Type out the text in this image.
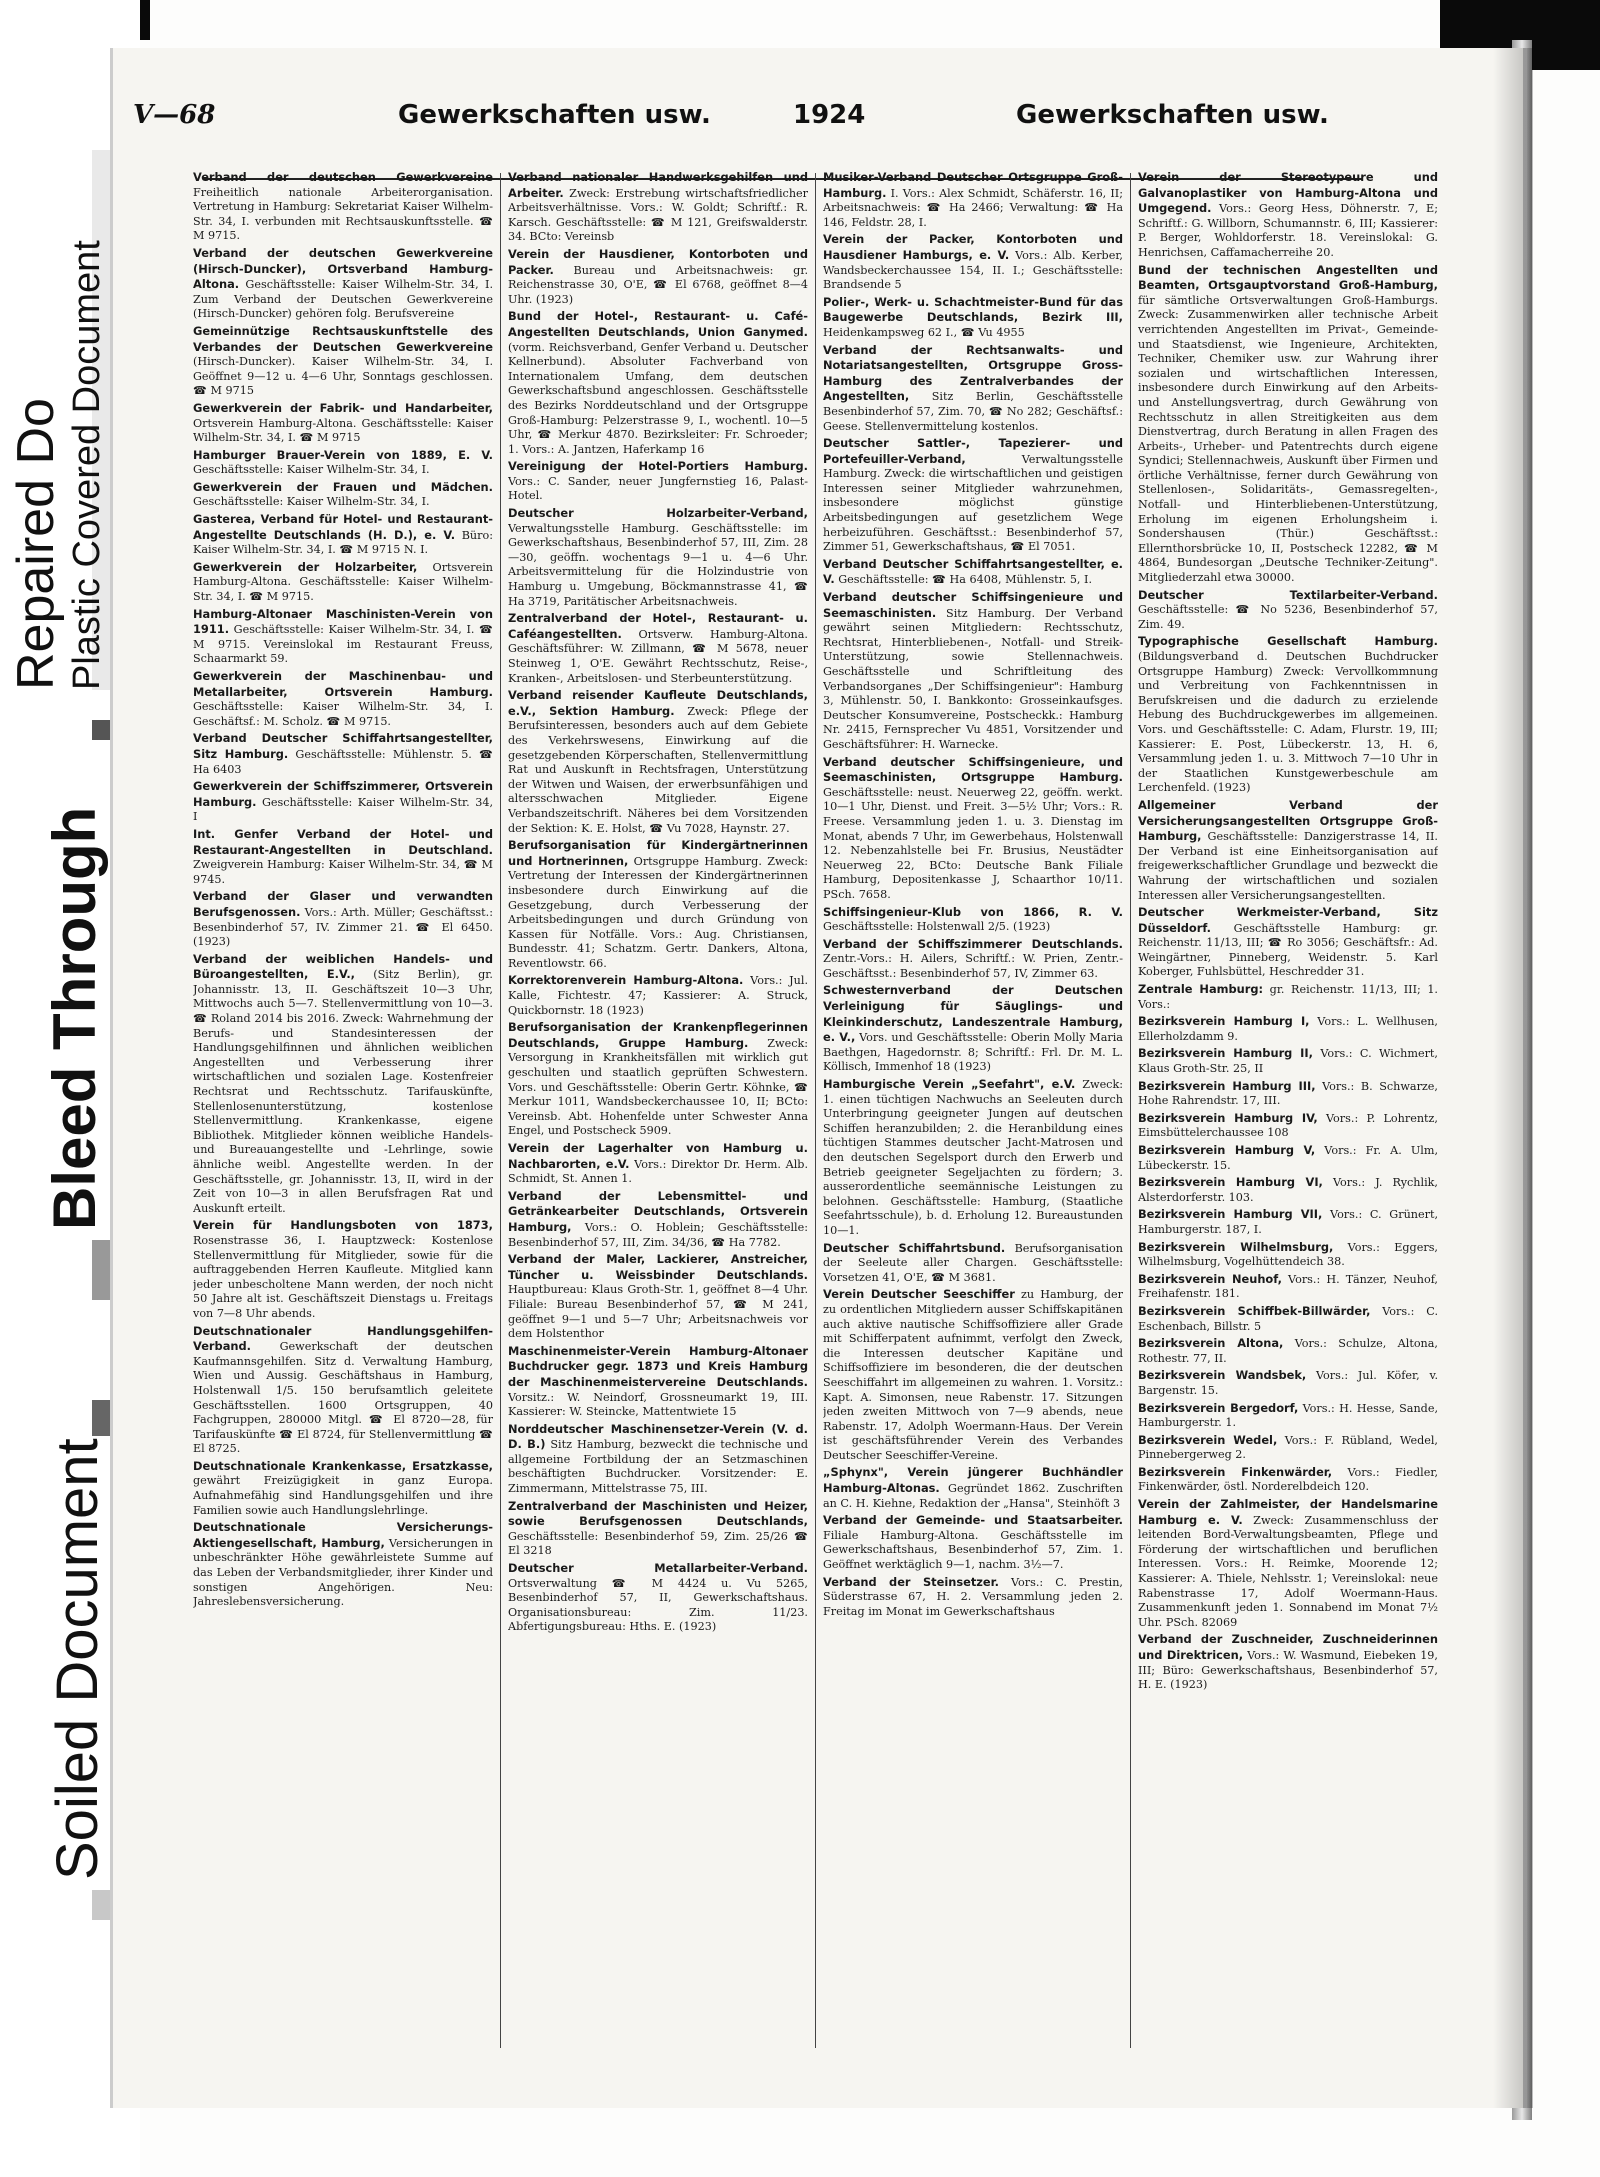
Repaired Do Plastic Covered Document
Bleed Through
Soiled Document
V—68	Gewerkschaften usw.	1924	Gewerkschaften usw.

Verband der deutschen Gewerkvereine Freiheitlich nationale Arbeiterorganisation. Vertretung in Hamburg: Sekretariat Kaiser Wilhelm-Str. 34, I. verbunden mit Rechtsauskunftsstelle. ☎ M 9715.

Verband der deutschen Gewerkvereine (Hirsch-Duncker), Ortsverband Hamburg-Altona. Geschäftsstelle: Kaiser Wilhelm-Str. 34, I. Zum Verband der Deutschen Gewerkvereine (Hirsch-Duncker) gehören folg. Berufsvereine

Gemeinnützige Rechtsauskunftstelle des Verbandes der Deutschen Gewerkvereine (Hirsch-Duncker). Kaiser Wilhelm-Str. 34, I. Geöffnet 9—12 u. 4—6 Uhr, Sonntags geschlossen. ☎ M 9715

Gewerkverein der Fabrik- und Handarbeiter, Ortsverein Hamburg-Altona. Geschäftsstelle: Kaiser Wilhelm-Str. 34, I. ☎ M 9715

Hamburger Brauer-Verein von 1889, E. V. Geschäftsstelle: Kaiser Wilhelm-Str. 34, I.

Gewerkverein der Frauen und Mädchen. Geschäftsstelle: Kaiser Wilhelm-Str. 34, I.

Gasterea, Verband für Hotel- und Restaurant-Angestellte Deutschlands (H. D.), e. V. Büro: Kaiser Wilhelm-Str. 34, I. ☎ M 9715 N. I.

Gewerkverein der Holzarbeiter, Ortsverein Hamburg-Altona. Geschäftsstelle: Kaiser Wilhelm-Str. 34, I. ☎ M 9715.

Hamburg-Altonaer Maschinisten-Verein von 1911. Geschäftsstelle: Kaiser Wilhelm-Str. 34, I. ☎ M 9715. Vereinslokal im Restaurant Freuss, Schaarmarkt 59.

Gewerkverein der Maschinenbau- und Metallarbeiter, Ortsverein Hamburg. Geschäftsstelle: Kaiser Wilhelm-Str. 34, I. Geschäftsf.: M. Scholz. ☎ M 9715.

Verband Deutscher Schiffahrtsangestellter, Sitz Hamburg. Geschäftsstelle: Mühlenstr. 5. ☎ Ha 6403

Gewerkverein der Schiffszimmerer, Ortsverein Hamburg. Geschäftsstelle: Kaiser Wilhelm-Str. 34, I

Int. Genfer Verband der Hotel- und Restaurant-Angestellten in Deutschland. Zweigverein Hamburg: Kaiser Wilhelm-Str. 34, ☎ M 9745.

Verband der Glaser und verwandten Berufsgenossen. Vors.: Arth. Müller; Geschäftsst.: Besenbinderhof 57, IV. Zimmer 21. ☎ El 6450. (1923)

Verband der weiblichen Handels- und Büroangestellten, E.V., (Sitz Berlin), gr. Johannisstr. 13, II. Geschäftszeit 10—3 Uhr, Mittwochs auch 5—7. Stellenvermittlung von 10—3. ☎ Roland 2014 bis 2016. Zweck: Wahrnehmung der Berufs- und Standesinteressen der Handlungsgehilfinnen und ähnlichen weiblichen Angestellten und Verbesserung ihrer wirtschaftlichen und sozialen Lage. Kostenfreier Rechtsrat und Rechtsschutz. Tarifauskünfte, Stellenlosenunterstützung, kostenlose Stellenvermittlung. Krankenkasse, eigene Bibliothek. Mitglieder können weibliche Handels- und Bureauangestellte und -Lehrlinge, sowie ähnliche weibl. Angestellte werden. In der Geschäftsstelle, gr. Johannisstr. 13, II, wird in der Zeit von 10—3 in allen Berufsfragen Rat und Auskunft erteilt.

Verein für Handlungsboten von 1873, Rosenstrasse 36, I. Hauptzweck: Kostenlose Stellenvermittlung für Mitglieder, sowie für die auftraggebenden Herren Kaufleute. Mitglied kann jeder unbescholtene Mann werden, der noch nicht 50 Jahre alt ist. Geschäftszeit Dienstags u. Freitags von 7—8 Uhr abends.

Deutschnationaler Handlungsgehilfen-Verband. Gewerkschaft der deutschen Kaufmannsgehilfen. Sitz d. Verwaltung Hamburg, Wien und Aussig. Geschäftshaus in Hamburg, Holstenwall 1/5. 150 berufsamtlich geleitete Geschäftsstellen. 1600 Ortsgruppen, 40 Fachgruppen, 280000 Mitgl. ☎ El 8720—28, für Tarifauskünfte ☎ El 8724, für Stellenvermittlung ☎ El 8725.

Deutschnationale Krankenkasse, Ersatzkasse, gewährt Freizügigkeit in ganz Europa. Aufnahmefähig sind Handlungsgehilfen und ihre Familien sowie auch Handlungslehrlinge.

Deutschnationale Versicherungs-Aktiengesellschaft, Hamburg, Versicherungen in unbeschränkter Höhe gewährleistete Summe auf das Leben der Verbandsmitglieder, ihrer Kinder und sonstigen Angehörigen. Neu: Jahreslebensversicherung.

Verband nationaler Handwerksgehilfen und Arbeiter. Zweck: Erstrebung wirtschaftsfriedlicher Arbeitsverhältnisse. Vors.: W. Goldt; Schriftf.: R. Karsch. Geschäftsstelle: ☎ M 121, Greifswalderstr. 34. BCto: Vereinsb

Verein der Hausdiener, Kontorboten und Packer. Bureau und Arbeitsnachweis: gr. Reichenstrasse 30, O'E, ☎ El 6768, geöffnet 8—4 Uhr. (1923)

Bund der Hotel-, Restaurant- u. Café-Angestellten Deutschlands, Union Ganymed. (vorm. Reichsverband, Genfer Verband u. Deutscher Kellnerbund). Absoluter Fachverband von Internationalem Umfang, dem deutschen Gewerkschaftsbund angeschlossen. Geschäftsstelle des Bezirks Norddeutschland und der Ortsgruppe Groß-Hamburg: Pelzerstrasse 9, I., wochentl. 10—5 Uhr, ☎ Merkur 4870. Bezirksleiter: Fr. Schroeder; 1. Vors.: A. Jantzen, Haferkamp 16

Vereinigung der Hotel-Portiers Hamburg. Vors.: C. Sander, neuer Jungfernstieg 16, Palast-Hotel.

Deutscher Holzarbeiter-Verband, Verwaltungsstelle Hamburg. Geschäftsstelle: im Gewerkschaftshaus, Besenbinderhof 57, III, Zim. 28—30, geöffn. wochentags 9—1 u. 4—6 Uhr. Arbeitsvermittelung für die Holzindustrie von Hamburg u. Umgebung, Böckmannstrasse 41, ☎ Ha 3719, Paritätischer Arbeitsnachweis.

Zentralverband der Hotel-, Restaurant- u. Caféangestellten. Ortsverw. Hamburg-Altona. Geschäftsführer: W. Zillmann, ☎ M 5678, neuer Steinweg 1, O'E. Gewährt Rechtsschutz, Reise-, Kranken-, Arbeitslosen- und Sterbeunterstützung.

Verband reisender Kaufleute Deutschlands, e.V., Sektion Hamburg. Zweck: Pflege der Berufsinteressen, besonders auch auf dem Gebiete des Verkehrswesens, Einwirkung auf die gesetzgebenden Körperschaften, Stellenvermittlung Rat und Auskunft in Rechtsfragen, Unterstützung der Witwen und Waisen, der erwerbsunfähigen und altersschwachen Mitglieder. Eigene Verbandszeitschrift. Näheres bei dem Vorsitzenden der Sektion: K. E. Holst, ☎ Vu 7028, Haynstr. 27.

Berufsorganisation für Kindergärtnerinnen und Hortnerinnen, Ortsgruppe Hamburg. Zweck: Vertretung der Interessen der Kindergärtnerinnen insbesondere durch Einwirkung auf die Gesetzgebung, durch Verbesserung der Arbeitsbedingungen und durch Gründung von Kassen für Notfälle. Vors.: Aug. Christiansen, Bundesstr. 41; Schatzm. Gertr. Dankers, Altona, Reventlowstr. 66.

Korrektorenverein Hamburg-Altona. Vors.: Jul. Kalle, Fichtestr. 47; Kassierer: A. Struck, Quickbornstr. 18 (1923)

Berufsorganisation der Krankenpflegerinnen Deutschlands, Gruppe Hamburg. Zweck: Versorgung in Krankheitsfällen mit wirklich gut geschulten und staatlich geprüften Schwestern. Vors. und Geschäftsstelle: Oberin Gertr. Köhnke, ☎ Merkur 1011, Wandsbeckerchaussee 10, II; BCto: Vereinsb. Abt. Hohenfelde unter Schwester Anna Engel, und Postscheck 5909.

Verein der Lagerhalter von Hamburg u. Nachbarorten, e.V. Vors.: Direktor Dr. Herm. Alb. Schmidt, St. Annen 1.

Verband der Lebensmittel- und Getränkearbeiter Deutschlands, Ortsverein Hamburg, Vors.: O. Hoblein; Geschäftsstelle: Besenbinderhof 57, III, Zim. 34/36, ☎ Ha 7782.

Verband der Maler, Lackierer, Anstreicher, Tüncher u. Weissbinder Deutschlands. Hauptbureau: Klaus Groth-Str. 1, geöffnet 8—4 Uhr. Filiale: Bureau Besenbinderhof 57, ☎ M 241, geöffnet 9—1 und 5—7 Uhr; Arbeitsnachweis vor dem Holstenthor

Maschinenmeister-Verein Hamburg-Altonaer Buchdrucker gegr. 1873 und Kreis Hamburg der Maschinenmeistervereine Deutschlands. Vorsitz.: W. Neindorf, Grossneumarkt 19, III. Kassierer: W. Steincke, Mattentwiete 15

Norddeutscher Maschinensetzer-Verein (V. d. D. B.) Sitz Hamburg, bezweckt die technische und allgemeine Fortbildung der an Setzmaschinen beschäftigten Buchdrucker. Vorsitzender: E. Zimmermann, Mittelstrasse 75, III.

Zentralverband der Maschinisten und Heizer, sowie Berufsgenossen Deutschlands, Geschäftsstelle: Besenbinderhof 59, Zim. 25/26 ☎ El 3218

Deutscher Metallarbeiter-Verband. Ortsverwaltung ☎ M 4424 u. Vu 5265, Besenbinderhof 57, II, Gewerkschaftshaus. Organisationsbureau: Zim. 11/23. Abfertigungsbureau: Hths. E. (1923)

Musiker-Verband Deutscher Ortsgruppe Groß-Hamburg. I. Vors.: Alex Schmidt, Schäferstr. 16, II; Arbeitsnachweis: ☎ Ha 2466; Verwaltung: ☎ Ha 146, Feldstr. 28, I.

Verein der Packer, Kontorboten und Hausdiener Hamburgs, e. V. Vors.: Alb. Kerber, Wandsbeckerchaussee 154, II. I.; Geschäftsstelle: Brandsende 5

Polier-, Werk- u. Schachtmeister-Bund für das Baugewerbe Deutschlands, Bezirk III, Heidenkampsweg 62 I., ☎ Vu 4955

Verband der Rechtsanwalts- und Notariatsangestellten, Ortsgruppe Gross-Hamburg des Zentralverbandes der Angestellten, Sitz Berlin, Geschäftsstelle Besenbinderhof 57, Zim. 70, ☎ No 282; Geschäftsf.: Geese. Stellenvermittelung kostenlos.

Deutscher Sattler-, Tapezierer- und Portefeuiller-Verband, Verwaltungsstelle Hamburg. Zweck: die wirtschaftlichen und geistigen Interessen seiner Mitglieder wahrzunehmen, insbesondere möglichst günstige Arbeitsbedingungen auf gesetzlichem Wege herbeizuführen. Geschäftsst.: Besenbinderhof 57, Zimmer 51, Gewerkschaftshaus, ☎ El 7051.

Verband Deutscher Schiffahrtsangestellter, e. V. Geschäftsstelle: ☎ Ha 6408, Mühlenstr. 5, I.

Verband deutscher Schiffsingenieure und Seemaschinisten. Sitz Hamburg. Der Verband gewährt seinen Mitgliedern: Rechtsschutz, Rechtsrat, Hinterbliebenen-, Notfall- und Streik-Unterstützung, sowie Stellennachweis. Geschäftsstelle und Schriftleitung des Verbandsorganes „Der Schiffsingenieur": Hamburg 3, Mühlenstr. 50, I. Bankkonto: Grosseinkaufsges. Deutscher Konsumvereine, Postscheckk.: Hamburg Nr. 2415, Fernsprecher Vu 4851, Vorsitzender und Geschäftsführer: H. Warnecke.

Verband deutscher Schiffsingenieure, und Seemaschinisten, Ortsgruppe Hamburg. Geschäftsstelle: neust. Neuerweg 22, geöffn. werkt. 10—1 Uhr, Dienst. und Freit. 3—5½ Uhr; Vors.: R. Freese. Versammlung jeden 1. u. 3. Dienstag im Monat, abends 7 Uhr, im Gewerbehaus, Holstenwall 12. Nebenzahlstelle bei Fr. Brusius, Neustädter Neuerweg 22, BCto: Deutsche Bank Filiale Hamburg, Depositenkasse J, Schaarthor 10/11. PSch. 7658.

Schiffsingenieur-Klub von 1866, R. V. Geschäftsstelle: Holstenwall 2/5. (1923)

Verband der Schiffszimmerer Deutschlands. Zentr.-Vors.: H. Ailers, Schriftf.: W. Prien, Zentr.-Geschäftsst.: Besenbinderhof 57, IV, Zimmer 63.

Schwesternverband der Deutschen Verleinigung für Säuglings- und Kleinkinderschutz, Landeszentrale Hamburg, e. V., Vors. und Geschäftsstelle: Oberin Molly Maria Baethgen, Hagedornstr. 8; Schriftf.: Frl. Dr. M. L. Köllisch, Immenhof 18 (1923)

Hamburgische Verein „Seefahrt", e.V. Zweck: 1. einen tüchtigen Nachwuchs an Seeleuten durch Unterbringung geeigneter Jungen auf deutschen Schiffen heranzubilden; 2. die Heranbildung eines tüchtigen Stammes deutscher Jacht-Matrosen und den deutschen Segelsport durch den Erwerb und Betrieb geeigneter Segeljachten zu fördern; 3. ausserordentliche seemännische Leistungen zu belohnen. Geschäftsstelle: Hamburg, (Staatliche Seefahrtsschule), b. d. Erholung 12. Bureaustunden 10—1.

Deutscher Schiffahrtsbund. Berufsorganisation der Seeleute aller Chargen. Geschäftsstelle: Vorsetzen 41, O'E, ☎ M 3681.

Verein Deutscher Seeschiffer zu Hamburg, der zu ordentlichen Mitgliedern ausser Schiffskapitänen auch aktive nautische Schiffsoffiziere aller Grade mit Schifferpatent aufnimmt, verfolgt den Zweck, die Interessen deutscher Kapitäne und Schiffsoffiziere im besonderen, die der deutschen Seeschiffahrt im allgemeinen zu wahren. 1. Vorsitz.: Kapt. A. Simonsen, neue Rabenstr. 17. Sitzungen jeden zweiten Mittwoch von 7—9 abends, neue Rabenstr. 17, Adolph Woermann-Haus. Der Verein ist geschäftsführender Verein des Verbandes Deutscher Seeschiffer-Vereine.

„Sphynx", Verein jüngerer Buchhändler Hamburg-Altonas. Gegründet 1862. Zuschriften an C. H. Kiehne, Redaktion der „Hansa", Steinhöft 3

Verband der Gemeinde- und Staatsarbeiter. Filiale Hamburg-Altona. Geschäftsstelle im Gewerkschaftshaus, Besenbinderhof 57, Zim. 1. Geöffnet werktäglich 9—1, nachm. 3½—7.

Verband der Steinsetzer. Vors.: C. Prestin, Süderstrasse 67, H. 2. Versammlung jeden 2. Freitag im Monat im Gewerkschaftshaus

Verein der Stereotypeure und Galvanoplastiker von Hamburg-Altona und Umgegend. Vors.: Georg Hess, Döhnerstr. 7, E; Schriftf.: G. Willborn, Schumannstr. 6, III; Kassierer: P. Berger, Wohldorferstr. 18. Vereinslokal: G. Henrichsen, Caffamacherreihe 20.

Bund der technischen Angestellten und Beamten, Ortsgauptvorstand Groß-Hamburg, für sämtliche Ortsverwaltungen Groß-Hamburgs. Zweck: Zusammenwirken aller technische Arbeit verrichtenden Angestellten im Privat-, Gemeinde- und Staatsdienst, wie Ingenieure, Architekten, Techniker, Chemiker usw. zur Wahrung ihrer sozialen und wirtschaftlichen Interessen, insbesondere durch Einwirkung auf den Arbeits- und Anstellungsvertrag, durch Gewährung von Rechtsschutz in allen Streitigkeiten aus dem Dienstvertrag, durch Beratung in allen Fragen des Arbeits-, Urheber- und Patentrechts durch eigene Syndici; Stellennachweis, Auskunft über Firmen und örtliche Verhältnisse, ferner durch Gewährung von Stellenlosen-, Solidaritäts-, Gemassregelten-, Notfall- und Hinterbliebenen-Unterstützung, Erholung im eigenen Erholungsheim i. Sondershausen (Thür.) Geschäftsst.: Ellernthorsbrücke 10, II, Postscheck 12282, ☎ M 4864, Bundesorgan „Deutsche Techniker-Zeitung". Mitgliederzahl etwa 30000.

Deutscher Textilarbeiter-Verband. Geschäftsstelle: ☎ No 5236, Besenbinderhof 57, Zim. 49.

Typographische Gesellschaft Hamburg. (Bildungsverband d. Deutschen Buchdrucker Ortsgruppe Hamburg) Zweck: Vervollkommnung und Verbreitung von Fachkenntnissen in Berufskreisen und die dadurch zu erzielende Hebung des Buchdruckgewerbes im allgemeinen. Vors. und Geschäftsstelle: C. Adam, Flurstr. 19, III; Kassierer: E. Post, Lübeckerstr. 13, H. 6, Versammlung jeden 1. u. 3. Mittwoch 7—10 Uhr in der Staatlichen Kunstgewerbeschule am Lerchenfeld. (1923)

Allgemeiner Verband der Versicherungsangestellten Ortsgruppe Groß-Hamburg, Geschäftsstelle: Danzigerstrasse 14, II. Der Verband ist eine Einheitsorganisation auf freigewerkschaftlicher Grundlage und bezweckt die Wahrung der wirtschaftlichen und sozialen Interessen aller Versicherungsangestellten.

Deutscher Werkmeister-Verband, Sitz Düsseldorf. Geschäftsstelle Hamburg: gr. Reichenstr. 11/13, III; ☎ Ro 3056; Geschäftsfr.: Ad. Weingärtner, Pinneberg, Weidenstr. 5. Karl Koberger, Fuhlsbüttel, Heschredder 31.

Zentrale Hamburg: gr. Reichenstr. 11/13, III; 1. Vors.:

Bezirksverein Hamburg I, Vors.: L. Wellhusen, Ellerholzdamm 9.

Bezirksverein Hamburg II, Vors.: C. Wichmert, Klaus Groth-Str. 25, II

Bezirksverein Hamburg III, Vors.: B. Schwarze, Hohe Rahrendstr. 17, III.

Bezirksverein Hamburg IV, Vors.: P. Lohrentz, Eimsbüttelerchaussee 108

Bezirksverein Hamburg V, Vors.: Fr. A. Ulm, Lübeckerstr. 15.

Bezirksverein Hamburg VI, Vors.: J. Rychlik, Alsterdorferstr. 103.

Bezirksverein Hamburg VII, Vors.: C. Grünert, Hamburgerstr. 187, I.

Bezirksverein Wilhelmsburg, Vors.: Eggers, Wilhelmsburg, Vogelhüttendeich 38.

Bezirksverein Neuhof, Vors.: H. Tänzer, Neuhof, Freihafenstr. 181.

Bezirksverein Schiffbek-Billwärder, Vors.: C. Eschenbach, Billstr. 5

Bezirksverein Altona, Vors.: Schulze, Altona, Rothestr. 77, II.

Bezirksverein Wandsbek, Vors.: Jul. Köfer, v. Bargenstr. 15.

Bezirksverein Bergedorf, Vors.: H. Hesse, Sande, Hamburgerstr. 1.

Bezirksverein Wedel, Vors.: F. Rübland, Wedel, Pinnebergerweg 2.

Bezirksverein Finkenwärder, Vors.: Fiedler, Finkenwärder, östl. Norderelbdeich 120.

Verein der Zahlmeister, der Handelsmarine Hamburg e. V. Zweck: Zusammenschluss der leitenden Bord-Verwaltungsbeamten, Pflege und Förderung der wirtschaftlichen und beruflichen Interessen. Vors.: H. Reimke, Moorende 12; Kassierer: A. Thiele, Nehlsstr. 1; Vereinslokal: neue Rabenstrasse 17, Adolf Woermann-Haus. Zusammenkunft jeden 1. Sonnabend im Monat 7½ Uhr. PSch. 82069

Verband der Zuschneider, Zuschneiderinnen und Direktricen, Vors.: W. Wasmund, Eiebeken 19, III; Büro: Gewerkschaftshaus, Besenbinderhof 57, H. E. (1923)
